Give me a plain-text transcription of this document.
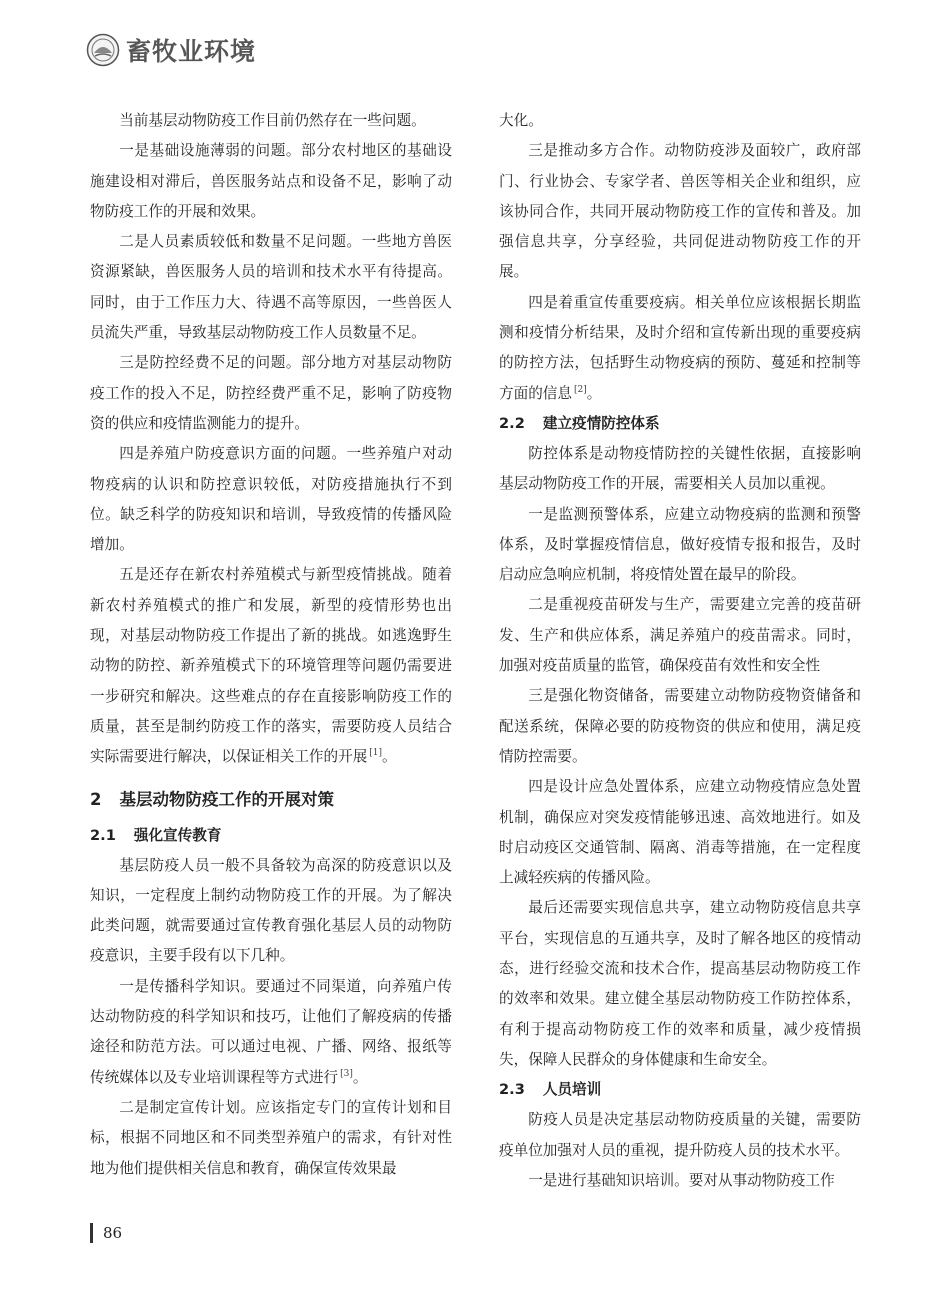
畜牧业环境

当前基层动物防疫工作目前仍然存在一些问题。

一是基础设施薄弱的问题。部分农村地区的基础设施建设相对滞后，兽医服务站点和设备不足，影响了动物防疫工作的开展和效果。

二是人员素质较低和数量不足问题。一些地方兽医资源紧缺，兽医服务人员的培训和技术水平有待提高。同时，由于工作压力大、待遇不高等原因，一些兽医人员流失严重，导致基层动物防疫工作人员数量不足。

三是防控经费不足的问题。部分地方对基层动物防疫工作的投入不足，防控经费严重不足，影响了防疫物资的供应和疫情监测能力的提升。

四是养殖户防疫意识方面的问题。一些养殖户对动物疫病的认识和防控意识较低，对防疫措施执行不到位。缺乏科学的防疫知识和培训，导致疫情的传播风险增加。

五是还存在新农村养殖模式与新型疫情挑战。随着新农村养殖模式的推广和发展，新型的疫情形势也出现，对基层动物防疫工作提出了新的挑战。如逃逸野生动物的防控、新养殖模式下的环境管理等问题仍需要进一步研究和解决。这些难点的存在直接影响防疫工作的质量，甚至是制约防疫工作的落实，需要防疫人员结合实际需要进行解决，以保证相关工作的开展 [1]。

2 基层动物防疫工作的开展对策
2.1 强化宣传教育

基层防疫人员一般不具备较为高深的防疫意识以及知识，一定程度上制约动物防疫工作的开展。为了解决此类问题，就需要通过宣传教育强化基层人员的动物防疫意识，主要手段有以下几种。

一是传播科学知识。要通过不同渠道，向养殖户传达动物防疫的科学知识和技巧，让他们了解疫病的传播途径和防范方法。可以通过电视、广播、网络、报纸等传统媒体以及专业培训课程等方式进行 [3]。

二是制定宣传计划。应该指定专门的宣传计划和目标，根据不同地区和不同类型养殖户的需求，有针对性地为他们提供相关信息和教育，确保宣传效果最

大化。

三是推动多方合作。动物防疫涉及面较广，政府部门、行业协会、专家学者、兽医等相关企业和组织，应该协同合作，共同开展动物防疫工作的宣传和普及。加强信息共享，分享经验，共同促进动物防疫工作的开展。

四是着重宣传重要疫病。相关单位应该根据长期监测和疫情分析结果，及时介绍和宣传新出现的重要疫病的防控方法，包括野生动物疫病的预防、蔓延和控制等方面的信息 [2]。

2.2 建立疫情防控体系

防控体系是动物疫情防控的关键性依据，直接影响基层动物防疫工作的开展，需要相关人员加以重视。

一是监测预警体系，应建立动物疫病的监测和预警体系，及时掌握疫情信息，做好疫情专报和报告，及时启动应急响应机制，将疫情处置在最早的阶段。

二是重视疫苗研发与生产，需要建立完善的疫苗研发、生产和供应体系，满足养殖户的疫苗需求。同时，加强对疫苗质量的监管，确保疫苗有效性和安全性

三是强化物资储备，需要建立动物防疫物资储备和配送系统，保障必要的防疫物资的供应和使用，满足疫情防控需要。

四是设计应急处置体系，应建立动物疫情应急处置机制，确保应对突发疫情能够迅速、高效地进行。如及时启动疫区交通管制、隔离、消毒等措施，在一定程度上减轻疾病的传播风险。

最后还需要实现信息共享，建立动物防疫信息共享平台，实现信息的互通共享，及时了解各地区的疫情动态，进行经验交流和技术合作，提高基层动物防疫工作的效率和效果。建立健全基层动物防疫工作防控体系，有利于提高动物防疫工作的效率和质量，减少疫情损失，保障人民群众的身体健康和生命安全。

2.3 人员培训

防疫人员是决定基层动物防疫质量的关键，需要防疫单位加强对人员的重视，提升防疫人员的技术水平。

一是进行基础知识培训。要对从事动物防疫工作

86
